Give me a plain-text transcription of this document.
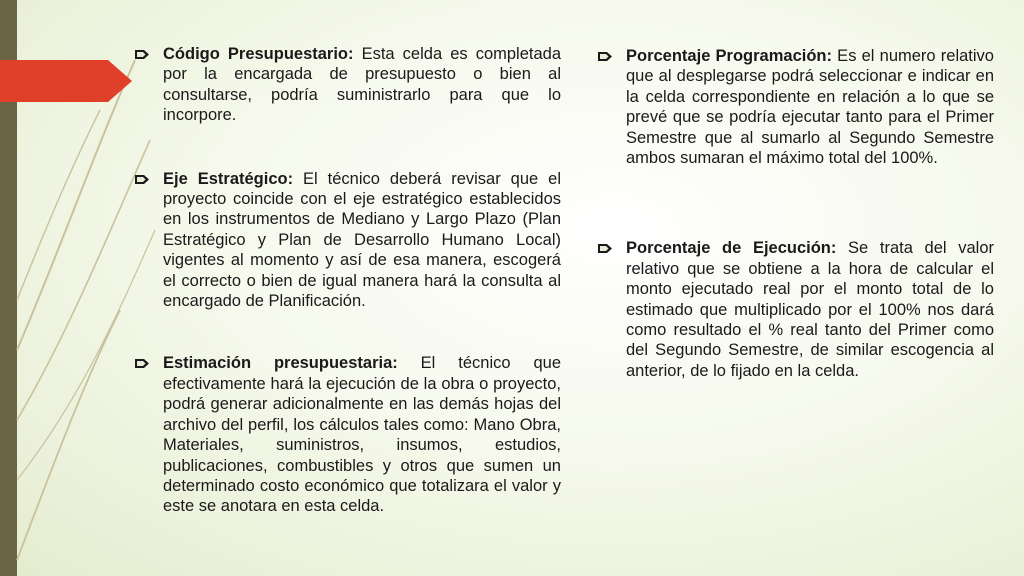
Código Presupuestario: Esta celda es completada por la encargada de presupuesto o bien al consultarse, podría suministrarlo para que lo incorpore.
Eje Estratégico: El técnico deberá revisar que el proyecto coincide con el eje estratégico establecidos en los instrumentos de Mediano y Largo Plazo (Plan Estratégico y Plan de Desarrollo Humano Local) vigentes al momento y así de esa manera, escogerá el correcto o bien de igual manera hará la consulta al encargado de Planificación.
Estimación presupuestaria: El técnico que efectivamente hará la ejecución de la obra o proyecto, podrá generar adicionalmente en las demás hojas del archivo del perfil, los cálculos tales como: Mano Obra, Materiales, suministros, insumos, estudios, publicaciones, combustibles y otros que sumen un determinado costo económico que totalizara el valor y este se anotara en esta celda.
Porcentaje Programación: Es el numero relativo que al desplegarse podrá seleccionar e indicar en la celda correspondiente en relación a lo que se prevé que se podría ejecutar tanto para el Primer Semestre que al sumarlo al Segundo Semestre ambos sumaran el máximo total del 100%.
Porcentaje de Ejecución: Se trata del valor relativo que se obtiene a la hora de calcular el monto ejecutado real por el monto total de lo estimado que multiplicado por el 100% nos dará como resultado el % real tanto del Primer como del Segundo Semestre, de similar escogencia al anterior, de lo fijado en la celda.
